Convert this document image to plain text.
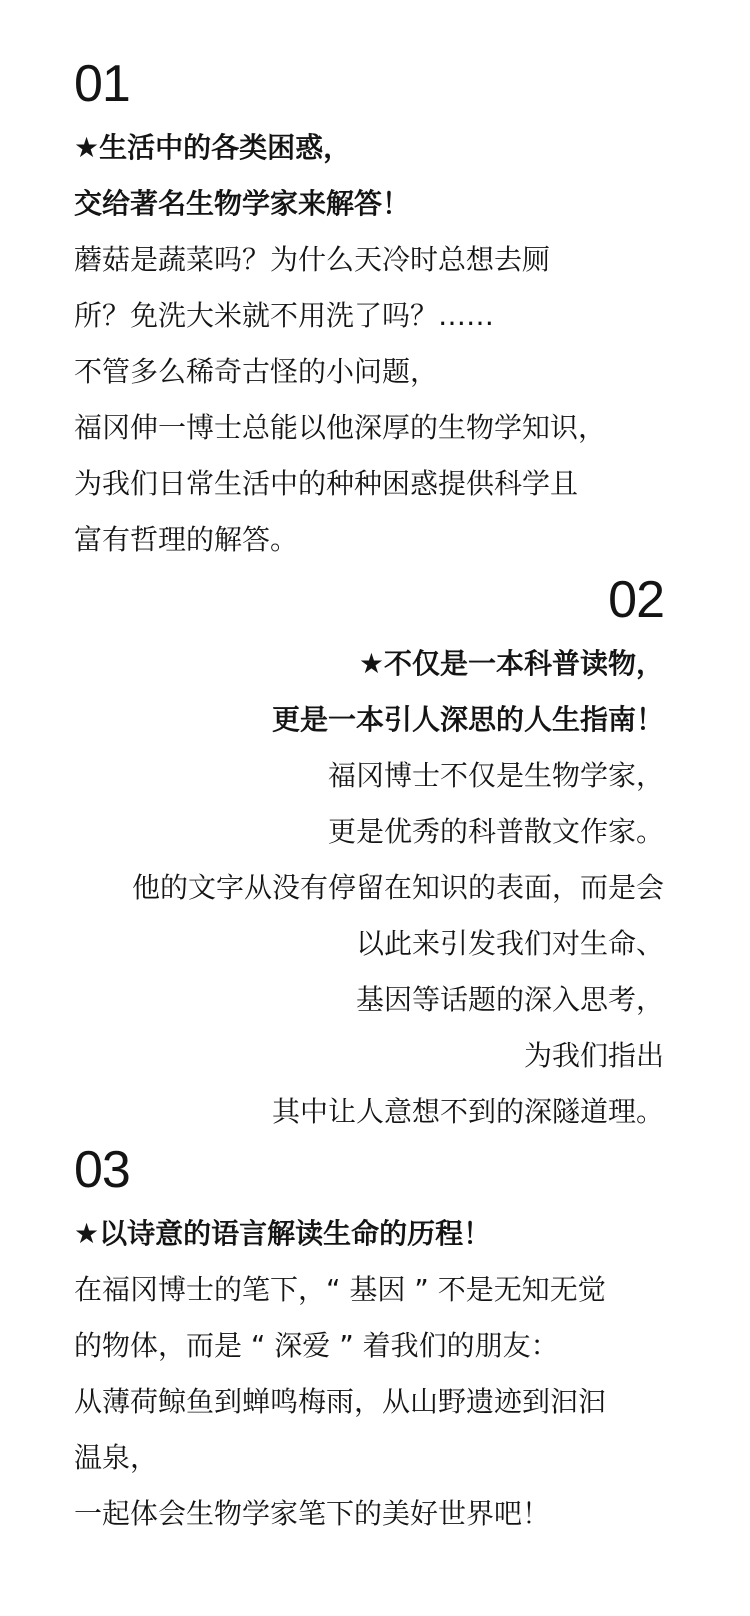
01
★生活中的各类困惑，
交给著名生物学家来解答！
蘑菇是蔬菜吗？为什么天冷时总想去厕
所？免洗大米就不用洗了吗？……
不管多么稀奇古怪的小问题，
福冈伸一博士总能以他深厚的生物学知识，
为我们日常生活中的种种困惑提供科学且
富有哲理的解答。
02
★不仅是一本科普读物，
更是一本引人深思的人生指南！
福冈博士不仅是生物学家，
更是优秀的科普散文作家。
他的文字从没有停留在知识的表面，而是会
以此来引发我们对生命、
基因等话题的深入思考，
为我们指出
其中让人意想不到的深隧道理。
03
★以诗意的语言解读生命的历程！
在福冈博士的笔下，“ 基因 ” 不是无知无觉
的物体，而是 “ 深爱 ” 着我们的朋友：
从薄荷鲸鱼到蝉鸣梅雨，从山野遗迹到汩汩
温泉，
一起体会生物学家笔下的美好世界吧！
